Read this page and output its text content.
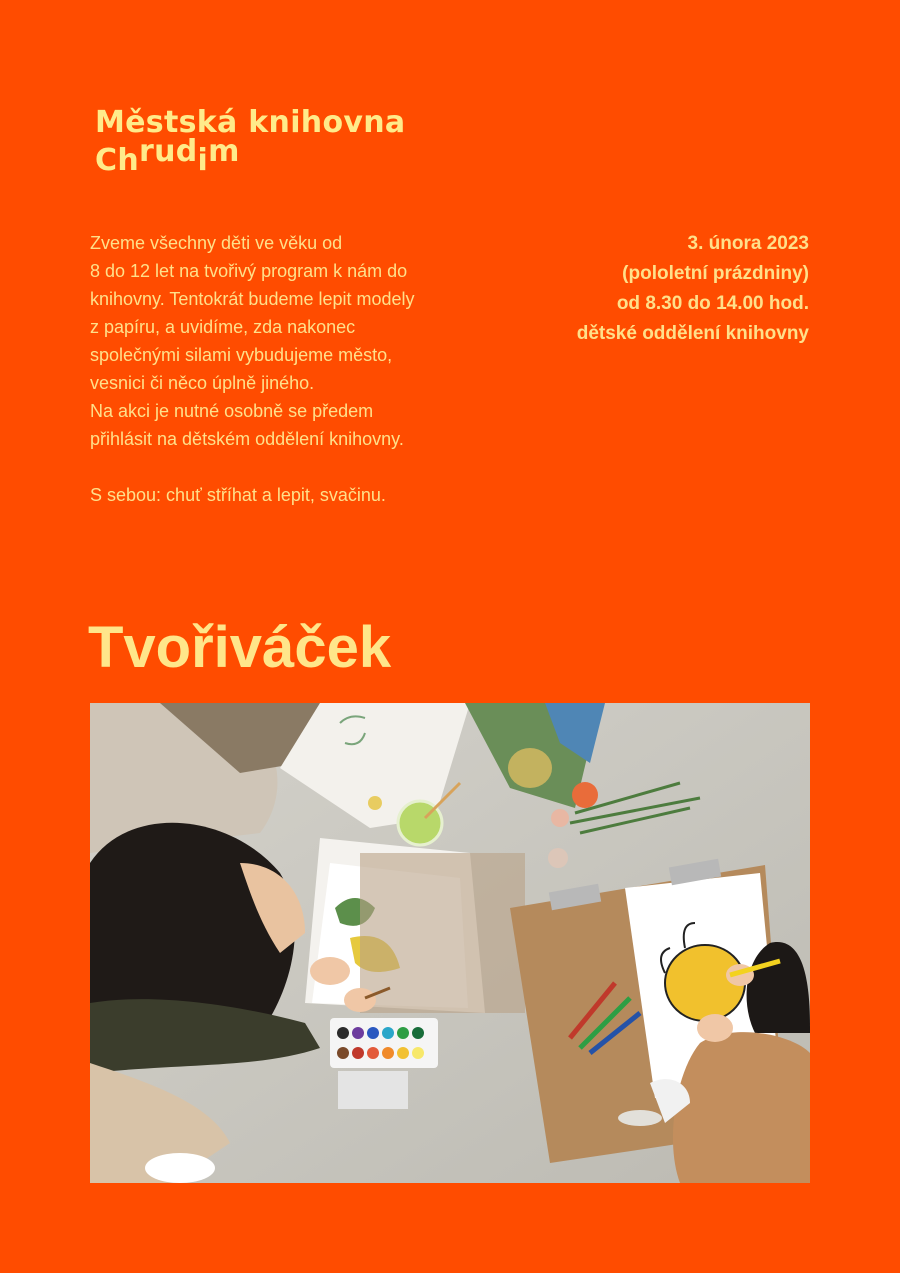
Městská knihovna
Chrudim

Zveme všechny děti ve věku od

8 do 12 let na tvořivý program k nám do

knihovny. Tentokrát budeme lepit modely

z papíru, a uvidíme, zda nakonec

společnými silami vybudujeme město,

vesnici či něco úplně jiného.

Na akci je nutné osobně se předem

přihlásit na dětském oddělení knihovny.

S sebou: chuť stříhat a lepit, svačinu.

3. února 2023
(pololetní prázdniny)
od 8.30 do 14.00 hod.
dětské oddělení knihovny
Tvořiváček
